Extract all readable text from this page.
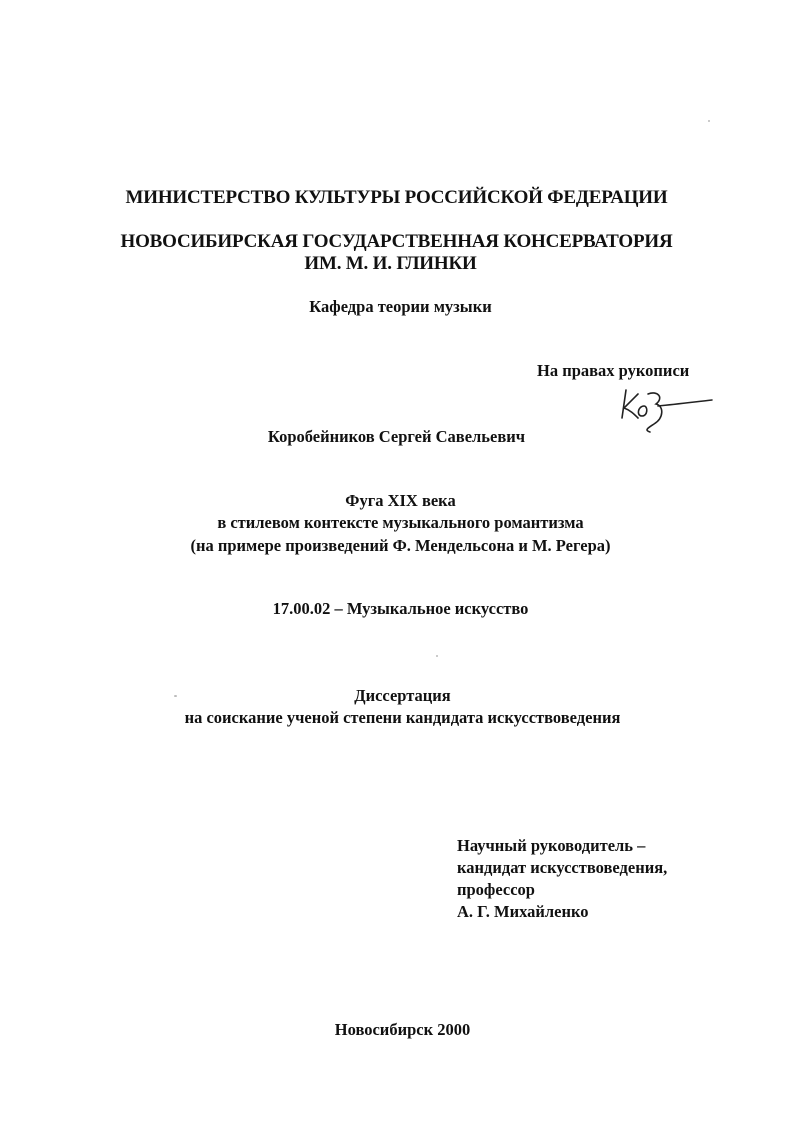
МИНИСТЕРСТВО КУЛЬТУРЫ РОССИЙСКОЙ ФЕДЕРАЦИИ
НОВОСИБИРСКАЯ ГОСУДАРСТВЕННАЯ КОНСЕРВАТОРИЯ
ИМ. М. И. ГЛИНКИ
Кафедра теории музыки
На правах рукописи
Коробейников Сергей Савельевич
Фуга XIX века
в стилевом контексте музыкального романтизма
(на примере произведений Ф. Мендельсона и М. Регера)
17.00.02 – Музыкальное искусство
Диссертация
на соискание ученой степени кандидата искусствоведения
Научный руководитель –
кандидат искусствоведения,
профессор
А. Г. Михайленко
Новосибирск 2000
